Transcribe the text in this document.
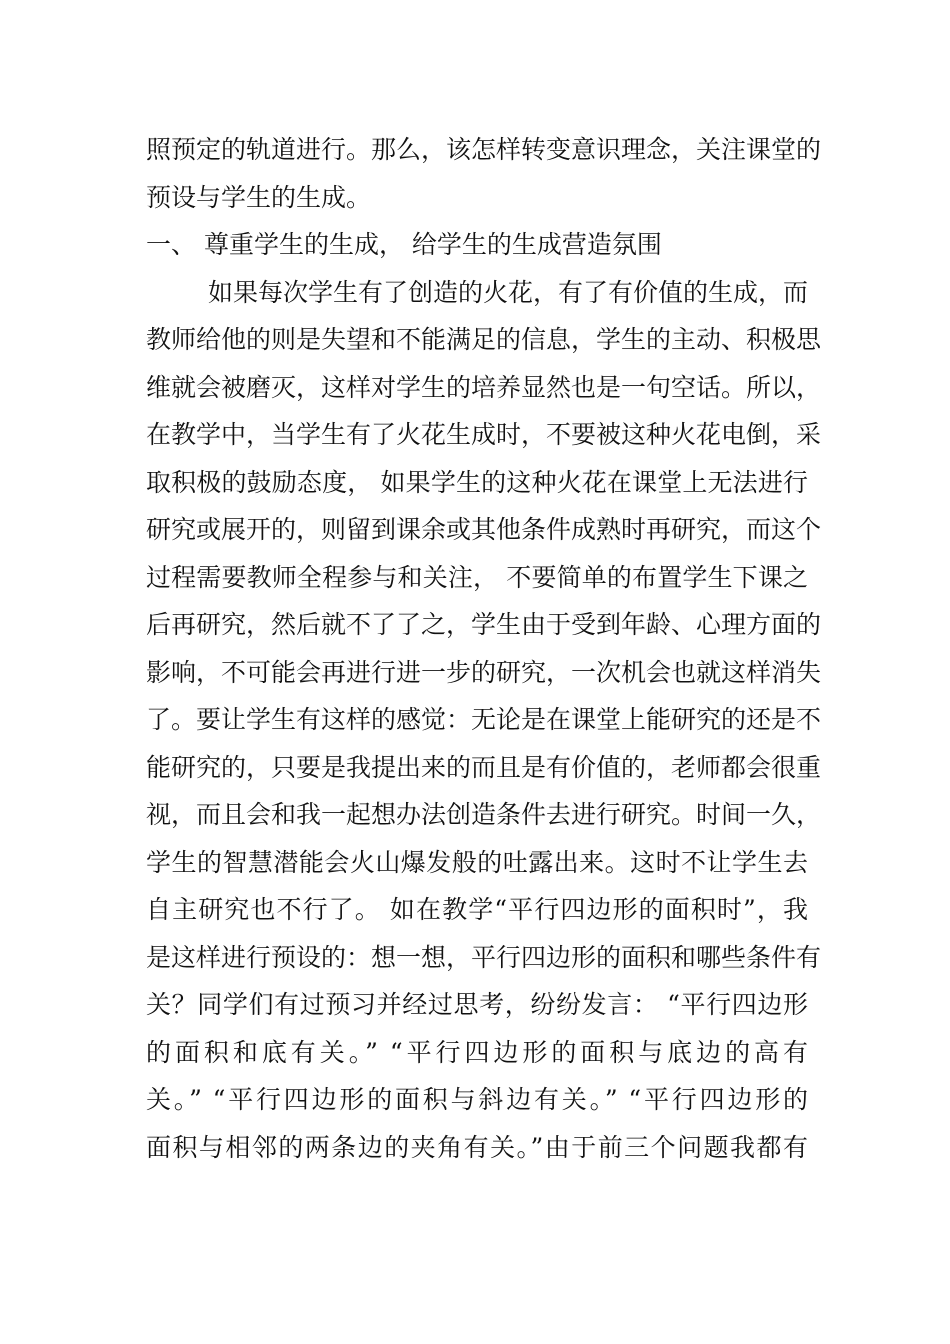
照预定的轨道进行。那么，该怎样转变意识理念，关注课堂的
预设与学生的生成。
一、 尊重学生的生成， 给学生的生成营造氛围
如果每次学生有了创造的火花，有了有价值的生成，而
教师给他的则是失望和不能满足的信息，学生的主动、积极思
维就会被磨灭，这样对学生的培养显然也是一句空话。所以，
在教学中，当学生有了火花生成时，不要被这种火花电倒，采
取积极的鼓励态度， 如果学生的这种火花在课堂上无法进行
研究或展开的，则留到课余或其他条件成熟时再研究，而这个
过程需要教师全程参与和关注， 不要简单的布置学生下课之
后再研究，然后就不了了之，学生由于受到年龄、心理方面的
影响，不可能会再进行进一步的研究，一次机会也就这样消失
了。要让学生有这样的感觉：无论是在课堂上能研究的还是不
能研究的，只要是我提出来的而且是有价值的，老师都会很重
视，而且会和我一起想办法创造条件去进行研究。时间一久，
学生的智慧潜能会火山爆发般的吐露出来。这时不让学生去
自主研究也不行了。 如在教学“平行四边形的面积时”，我
是这样进行预设的：想一想，平行四边形的面积和哪些条件有
关？同学们有过预习并经过思考，纷纷发言： “平行四边形
的面积和底有关。” “平行四边形的面积与底边的高有
关。” “平行四边形的面积与斜边有关。” “平行四边形的
面积与相邻的两条边的夹角有关。”由于前三个问题我都有
